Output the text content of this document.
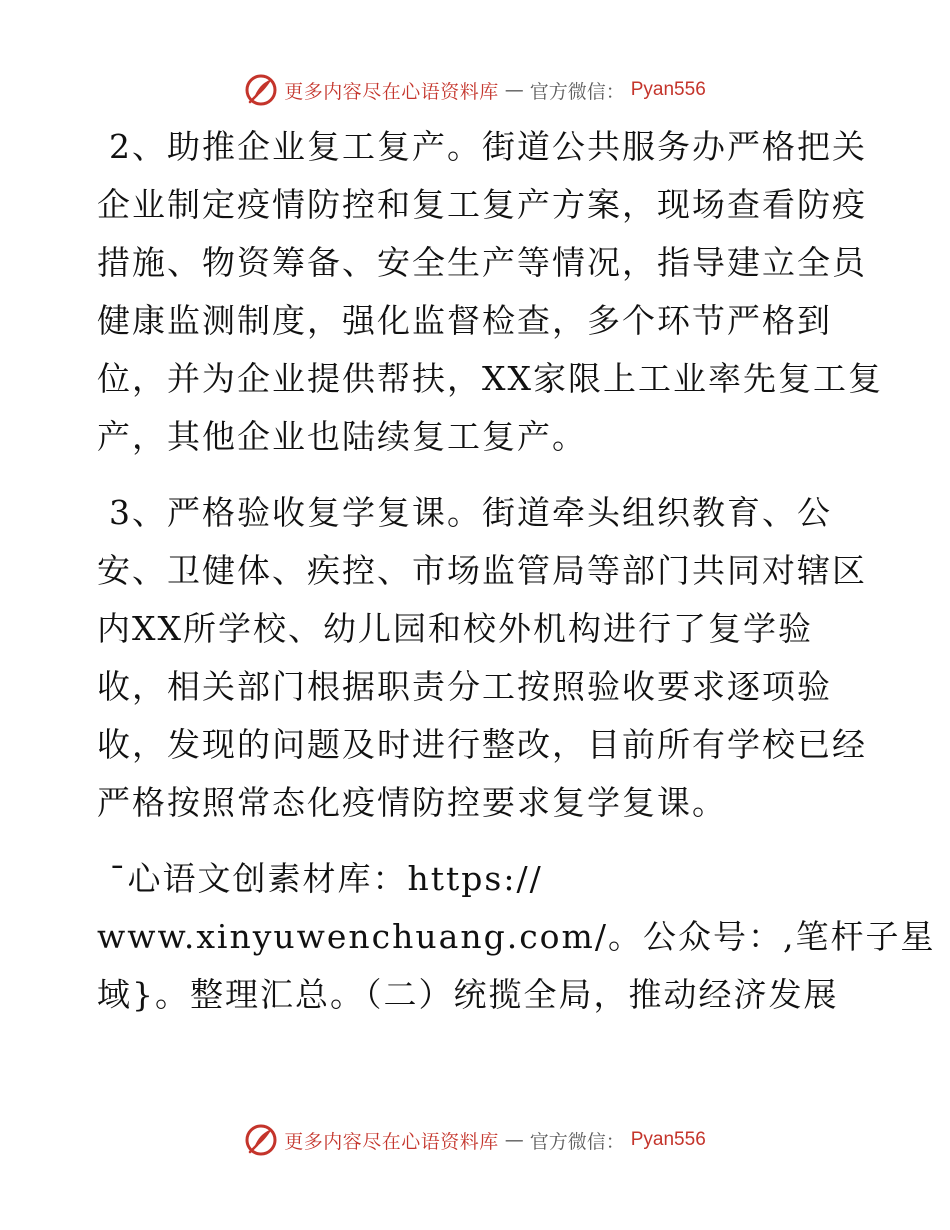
更多内容尽在心语资料库 — 官方微信： Pyan556

2、助推企业复工复产。街道公共服务办严格把关
企业制定疫情防控和复工复产方案，现场查看防疫
措施、物资筹备、安全生产等情况，指导建立全员
健康监测制度，强化监督检查，多个环节严格到
位，并为企业提供帮扶，XX家限上工业率先复工复
产，其他企业也陆续复工复产。

3、严格验收复学复课。街道牵头组织教育、公
安、卫健体、疾控、市场监管局等部门共同对辖区
内XX所学校、幼儿园和校外机构进行了复学验
收，相关部门根据职责分工按照验收要求逐项验
收，发现的问题及时进行整改，目前所有学校已经
严格按照常态化疫情防控要求复学复课。

¯心语文创素材库：https://
www.xinyuwenchuang.com/。公众号：,笔杆子星
域}。整理汇总。（二）统揽全局，推动经济发展

更多内容尽在心语资料库 — 官方微信： Pyan556
